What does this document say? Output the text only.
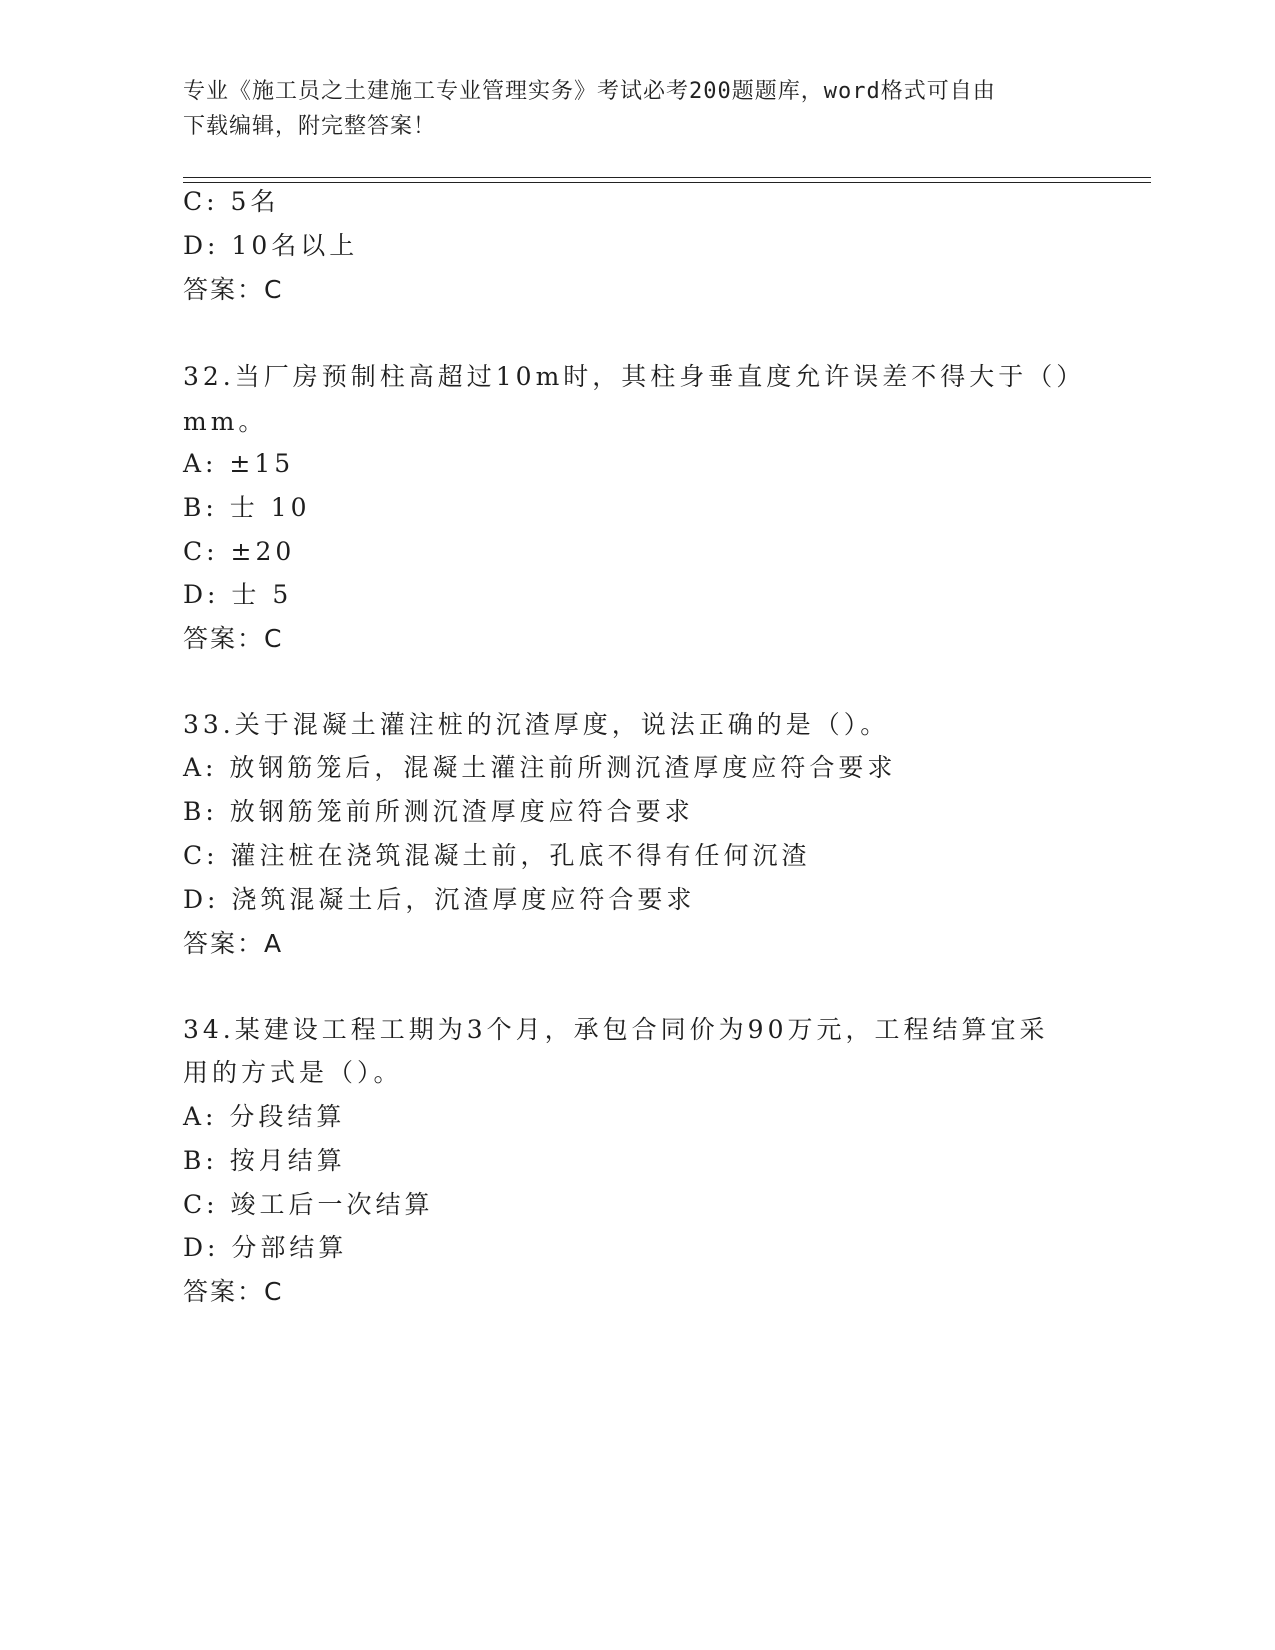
专业《施工员之土建施工专业管理实务》考试必考200题题库，word格式可自由
下载编辑，附完整答案！
C: 5名
D: 10名以上
答案：C
32.当厂房预制柱高超过10m时，其柱身垂直度允许误差不得大于（）
mm。
A: ±15
B: 士 10
C: ±20
D: 士 5
答案：C
33.关于混凝土灌注桩的沉渣厚度，说法正确的是（）。
A: 放钢筋笼后，混凝土灌注前所测沉渣厚度应符合要求
B: 放钢筋笼前所测沉渣厚度应符合要求
C: 灌注桩在浇筑混凝土前，孔底不得有任何沉渣
D: 浇筑混凝土后，沉渣厚度应符合要求
答案：A
34.某建设工程工期为3个月，承包合同价为90万元，工程结算宜采
用的方式是（）。
A: 分段结算
B: 按月结算
C: 竣工后一次结算
D: 分部结算
答案：C
